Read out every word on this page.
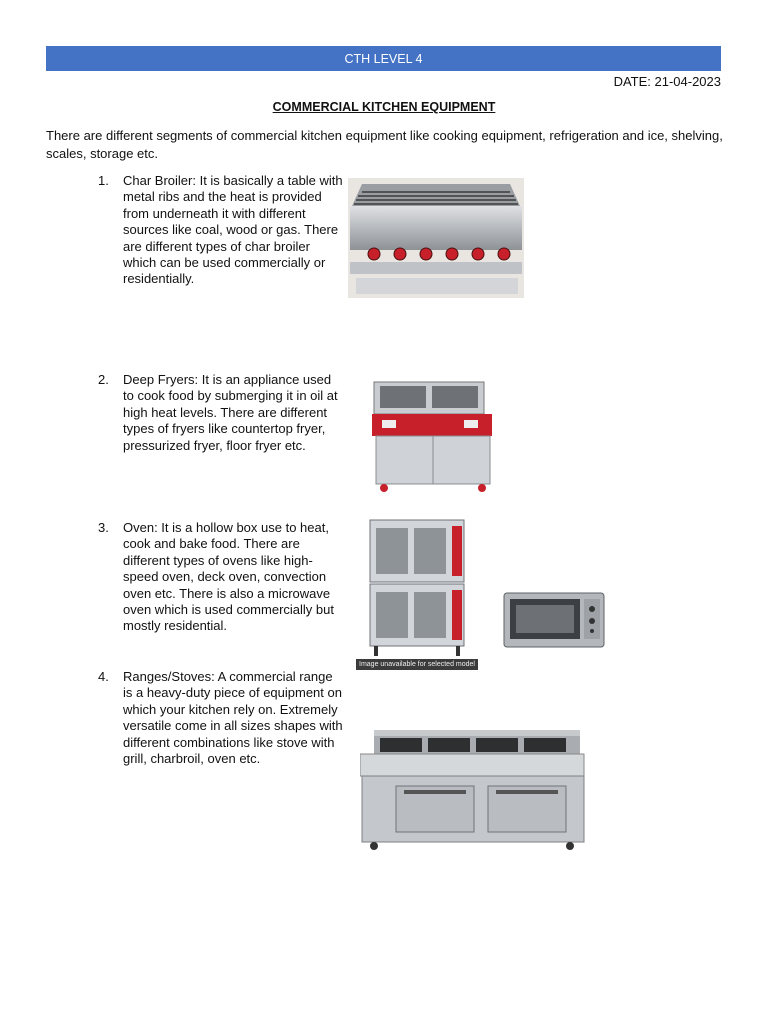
CTH LEVEL 4
DATE: 21-04-2023
COMMERCIAL KITCHEN EQUIPMENT
There are different segments of commercial kitchen equipment like cooking equipment, refrigeration and ice, shelving, scales, storage etc.
1. Char Broiler: It is basically a table with metal ribs and the heat is provided from underneath it with different sources like coal, wood or gas. There are different types of char broiler which can be used commercially or residentially.
2. Deep Fryers: It is an appliance used to cook food by submerging it in oil at high heat levels. There are different types of fryers like countertop fryer, pressurized fryer, floor fryer etc.
3. Oven: It is a hollow box use to heat, cook and bake food. There are different types of ovens like high-speed oven, deck oven, convection oven etc. There is also a microwave oven which is used commercially but mostly residential.
Image unavailable for selected model
4. Ranges/Stoves: A commercial range is a heavy-duty piece of equipment on which your kitchen rely on. Extremely versatile come in all sizes shapes with different combinations like stove with grill, charbroil, oven etc.
